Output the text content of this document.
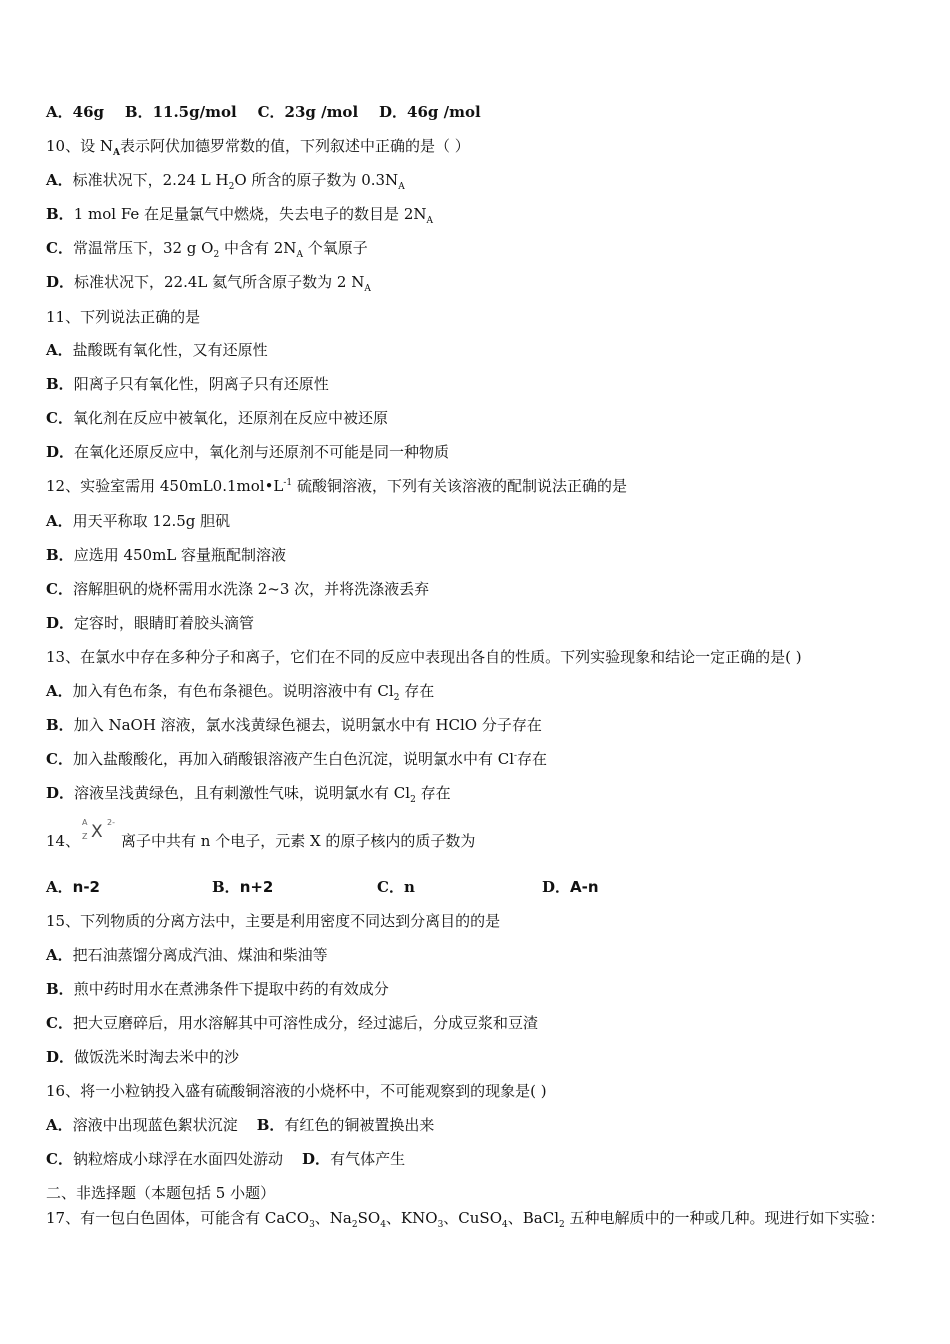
A．46g B．11.5g/mol C．23g /mol D．46g /mol
10、设 $N_A$表示阿伏加德罗常数的值，下列叙述中正确的是（ ）
A．标准状况下，2.24 L $H_2O$ 所含的原子数为 $0.3N_A$
B．1 mol Fe 在足量氯气中燃烧，失去电子的数目是 $2N_A$
C．常温常压下，32 g $O_2$ 中含有 $2N_A$ 个氧原子
D．标准状况下，22.4L 氦气所含原子数为 2 $N_A$
11、下列说法正确的是
A．盐酸既有氧化性，又有还原性
B．阳离子只有氧化性，阴离子只有还原性
C．氧化剂在反应中被氧化，还原剂在反应中被还原
D．在氧化还原反应中，氧化剂与还原剂不可能是同一种物质
12、实验室需用 $450mL0.1mol•L^{-1}$ 硫酸铜溶液，下列有关该溶液的配制说法正确的是
A．用天平称取 12.5g 胆矾
B．应选用 450mL 容量瓶配制溶液
C．溶解胆矾的烧杯需用水洗涤 2~3 次，并将洗涤液丢弃
D．定容时，眼睛盯着胶头滴管
13、在氯水中存在多种分子和离子，它们在不同的反应中表现出各自的性质。下列实验现象和结论一定正确的是( )
A．加入有色布条，有色布条褪色。说明溶液中有 $Cl_2$ 存在
B．加入 NaOH 溶液，氯水浅黄绿色褪去，说明氯水中有 HClO 分子存在
C．加入盐酸酸化，再加入硝酸银溶液产生白色沉淀，说明氯水中有 Cl-存在
D．溶液呈浅黄绿色，且有刺激性气味，说明氯水有 $Cl_2$ 存在
14、
A
Z X 2-
离子中共有 n 个电子，元素 X 的原子核内的质子数为
A．n-2	B．n+2	C．n	D．A-n
15、下列物质的分离方法中，主要是利用密度不同达到分离目的的是
A．把石油蒸馏分离成汽油、煤油和柴油等
B．煎中药时用水在煮沸条件下提取中药的有效成分
C．把大豆磨碎后，用水溶解其中可溶性成分，经过滤后，分成豆浆和豆渣
D．做饭洗米时淘去米中的沙
16、将一小粒钠投入盛有硫酸铜溶液的小烧杯中，不可能观察到的现象是( )
A．溶液中出现蓝色絮状沉淀 B．有红色的铜被置换出来
C．钠粒熔成小球浮在水面四处游动 D．有气体产生
二、非选择题（本题包括 5 小题）
17、有一包白色固体，可能含有 CaCO$_3$、$Na_2SO_4$、$KNO_3$、CuSO$_4$、BaCl$_2$ 五种电解质中的一种或几种。现进行如下实验：
